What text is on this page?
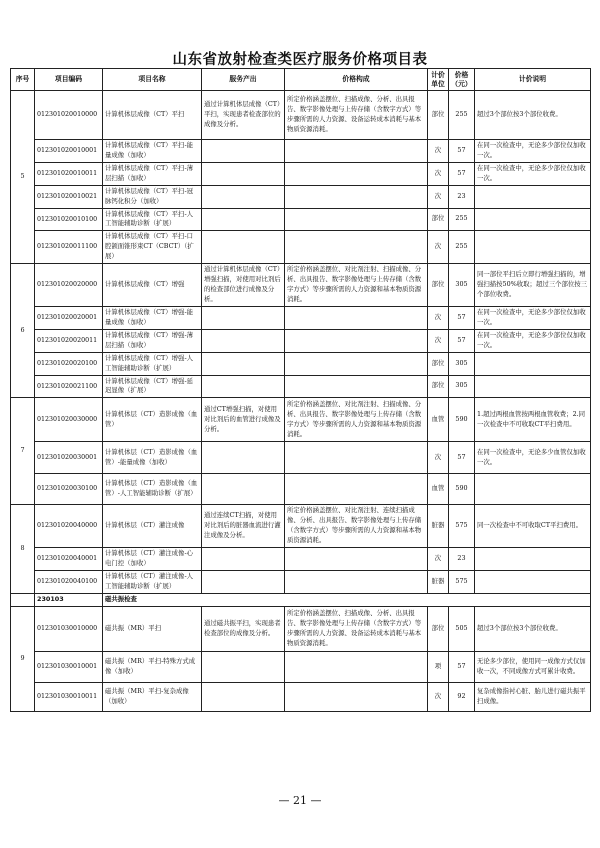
山东省放射检查类医疗服务价格项目表
序号	项目编码	项目名称	服务产出	价格构成	计价单位	价格（元）	计价说明
5	012301020010000	计算机体层成像（CT）平扫	通过计算机体层成像（CT）平扫，实现患者检查部位的成像及分析。	所定价格涵盖摆位、扫描成像、分析、出具报告、数字影像处理与上传存储（含数字方式）等步骤所需的人力资源、设备运转成本消耗与基本物质资源消耗。	部位	255	超过3个部位按3个部位收费。
	012301020010001	计算机体层成像（CT）平扫-能量成像（加收）			次	57	在同一次检查中，无论多少部位仅加收一次。
	012301020010011	计算机体层成像（CT）平扫-薄层扫描（加收）			次	57	在同一次检查中，无论多少部位仅加收一次。
	012301020010021	计算机体层成像（CT）平扫-冠脉钙化积分（加收）			次	23	
	012301020010100	计算机体层成像（CT）平扫-人工智能辅助诊断（扩展）			部位	255	
	012301020011100	计算机体层成像（CT）平扫-口腔颌面锥形束CT（CBCT）（扩展）			次	255	
6	012301020020000	计算机体层成像（CT）增强	通过计算机体层成像（CT）增强扫描，对使用对比剂后的检查部位进行成像及分析。	所定价格涵盖摆位、对比剂注射、扫描成像、分析、出具报告、数字影像处理与上传存储（含数字方式）等步骤所需的人力资源和基本物质资源消耗。	部位	305	同一部位平扫后立即行增强扫描的，增强扫描按50%收取；超过三个部位按三个部位收费。
	012301020020001	计算机体层成像（CT）增强-能量成像（加收）			次	57	在同一次检查中，无论多少部位仅加收一次。
	012301020020011	计算机体层成像（CT）增强-薄层扫描（加收）			次	57	在同一次检查中，无论多少部位仅加收一次。
	012301020020100	计算机体层成像（CT）增强-人工智能辅助诊断（扩展）			部位	305	
	012301020021100	计算机体层成像（CT）增强-延迟显像（扩展）			部位	305	
7	012301020030000	计算机体层（CT）造影成像（血管）	通过CT增强扫描，对使用对比剂后的血管进行成像及分析。	所定价格涵盖摆位、对比剂注射、扫描成像、分析、出具报告、数字影像处理与上传存储（含数字方式）等步骤所需的人力资源和基本物质资源消耗。	血管	590	1.超过两根血管按两根血管收费；2.同一次检查中不可收取CT平扫费用。
	012301020030001	计算机体层（CT）造影成像（血管）-能量成像（加收）			次	57	在同一次检查中，无论多少血管仅加收一次。
	012301020030100	计算机体层（CT）造影成像（血管）-人工智能辅助诊断（扩展）			血管	590	
8	012301020040000	计算机体层（CT）灌注成像	通过连续CT扫描，对使用对比剂后的脏器血流进行灌注成像及分析。	所定价格涵盖摆位、对比剂注射、连续扫描成像、分析、出具报告、数字影像处理与上传存储（含数字方式）等步骤所需的人力资源和基本物质资源消耗。	脏器	575	同一次检查中不可收取CT平扫费用。
	012301020040001	计算机体层（CT）灌注成像-心电门控（加收）			次	23	
	012301020040100	计算机体层（CT）灌注成像-人工智能辅助诊断（扩展）			脏器	575	
	230103	磁共振检查					
9	012301030010000	磁共振（MR）平扫	通过磁共振平扫，实现患者检查部位的成像及分析。	所定价格涵盖摆位、扫描成像、分析、出具报告、数字影像处理与上传存储（含数字方式）等步骤所需的人力资源、设备运转成本消耗与基本物质资源消耗。	部位	505	超过3个部位按3个部位收费。
	012301030010001	磁共振（MR）平扫-特殊方式成像（加收）			项	57	无论多少部位，使用同一成像方式仅加收一次，不同成像方式可累计收费。
	012301030010011	磁共振（MR）平扫-复杂成像（加收）			次	92	复杂成像指衬心脏、胎儿进行磁共振平扫成像。
— 21 —
